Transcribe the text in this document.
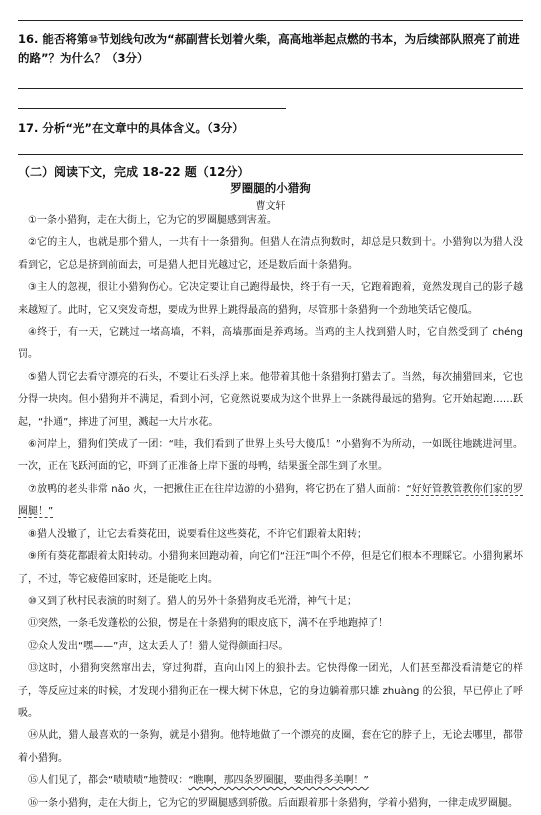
16. 能否将第⑩节划线句改为“郝副营长划着火柴，高高地举起点燃的书本，为后续部队照亮了前进的路”？为什么？（3分）
17. 分析“光”在文章中的具体含义。（3分）
（二）阅读下文，完成 18-22 题（12分）
罗圈腿的小猎狗
曹文轩
①一条小猎狗，走在大街上，它为它的罗圈腿感到害羞。
②它的主人，也就是那个猎人，一共有十一条猎狗。但猎人在清点狗数时，却总是只数到十。小猎狗以为猎人没看到它，它总是挤到前面去，可是猎人把目光越过它，还是数后面十条猎狗。
③主人的忽视，很让小猎狗伤心。它决定要让自己跑得最快，终于有一天，它跑着跑着，竟然发现自己的影子越来越短了。此时，它又突发奇想，要成为世界上跳得最高的猎狗，尽管那十条猎狗一个劲地笑话它傻瓜。
④终于，有一天，它跳过一堵高墙，不料，高墙那面是养鸡场。当鸡的主人找到猎人时，它自然受到了 chéng 罚。
⑤猎人罚它去看守漂亮的石头，不要让石头浮上来。他带着其他十条猎狗打猎去了。当然，每次捕猎回来，它也分得一块肉。但小猎狗并不满足，看到小河，它竟然说要成为这个世界上一条跳得最远的猎狗。它开始起跑……跃起，“扑通”，摔进了河里，溅起一大片水花。
⑥河岸上，猎狗们笑成了一团：“哇，我们看到了世界上头号大傻瓜！”小猎狗不为所动，一如既往地跳进河里。一次，正在飞跃河面的它，吓到了正准备上岸下蛋的母鸭，结果蛋全部生到了水里。
⑦放鸭的老头非常 nǎo 火，一把揪住正在往岸边游的小猎狗，将它扔在了猎人面前：“好好管教管教你们家的罗圈腿！”
⑧猎人没辙了，让它去看葵花田，说要看住这些葵花，不许它们跟着太阳转；
⑨所有葵花都跟着太阳转动。小猎狗来回跑动着，向它们“汪汪”叫个不停，但是它们根本不理睬它。小猎狗累坏了，不过，等它疲倦回家时，还是能吃上肉。
⑩又到了秋村民表演的时刻了。猎人的另外十条猎狗皮毛光滑，神气十足；
⑪突然，一条毛发蓬松的公狼，愣是在十条猎狗的眼皮底下，满不在乎地跑掉了！
⑫众人发出“嘿——”声，这太丢人了！猎人觉得颜面扫尽。
⑬这时，小猎狗突然窜出去，穿过狗群，直向山冈上的狼扑去。它快得像一团光，人们甚至都没看清楚它的样子，等反应过来的时候，才发现小猎狗正在一棵大树下休息，它的身边躺着那只雄 zhuàng 的公狼，早已停止了呼吸。
⑭从此，猎人最喜欢的一条狗，就是小猎狗。他特地做了一个漂亮的皮圈，套在它的脖子上，无论去哪里，都带着小猎狗。
⑮人们见了，都会“啧啧啧”地赞叹：“瞧啊，那四条罗圈腿，要曲得多美啊！”
⑯一条小猎狗，走在大街上，它为它的罗圈腿感到骄傲。后面跟着那十条猎狗，学着小猎狗，一律走成罗圈腿。
